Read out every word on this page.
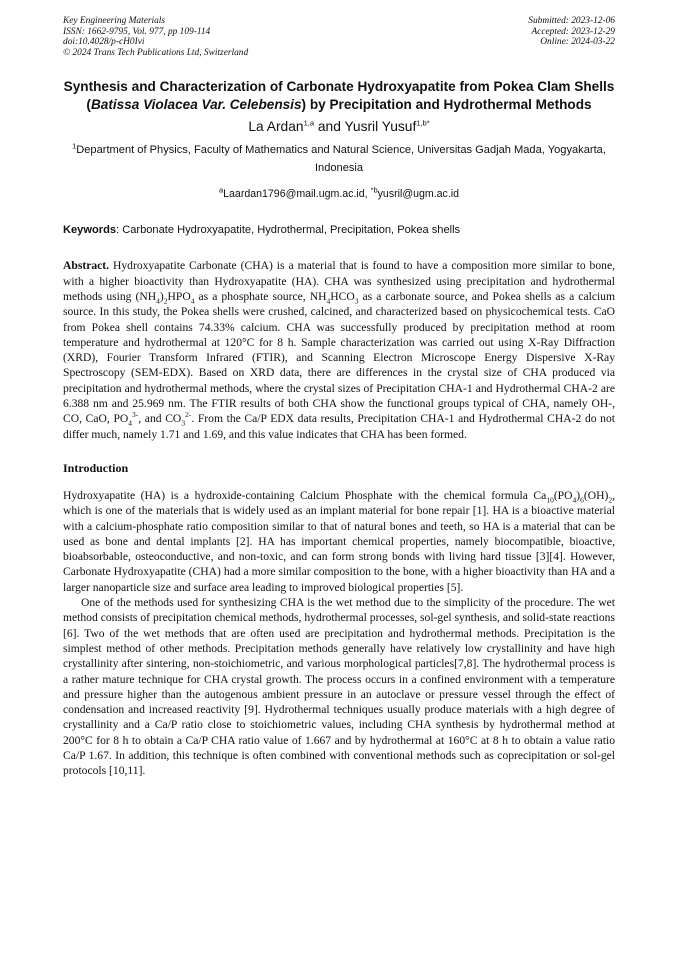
Key Engineering Materials
ISSN: 1662-9795, Vol. 977, pp 109-114
doi:10.4028/p-cH0Ivi
© 2024 Trans Tech Publications Ltd, Switzerland
Submitted: 2023-12-06
Accepted: 2023-12-29
Online: 2024-03-22
Synthesis and Characterization of Carbonate Hydroxyapatite from Pokea Clam Shells (Batissa Violacea Var. Celebensis) by Precipitation and Hydrothermal Methods
La Ardan$^{1,a}$ and Yusril Yusuf$^{1,b*}$
$^1$Department of Physics, Faculty of Mathematics and Natural Science, Universitas Gadjah Mada, Yogyakarta, Indonesia
$^a$Laardan1796@mail.ugm.ac.id, $^{*b}$yusril@ugm.ac.id
Keywords: Carbonate Hydroxyapatite, Hydrothermal, Precipitation, Pokea shells
Abstract. Hydroxyapatite Carbonate (CHA) is a material that is found to have a composition more similar to bone, with a higher bioactivity than Hydroxyapatite (HA). CHA was synthesized using precipitation and hydrothermal methods using $(NH_4)_2HPO_4$ as a phosphate source, $NH_4HCO_3$ as a carbonate source, and Pokea shells as a calcium source. In this study, the Pokea shells were crushed, calcined, and characterized based on physicochemical tests. CaO from Pokea shell contains 74.33% calcium. CHA was successfully produced by precipitation method at room temperature and hydrothermal at 120°C for 8 h. Sample characterization was carried out using X-Ray Diffraction (XRD), Fourier Transform Infrared (FTIR), and Scanning Electron Microscope Energy Dispersive X-Ray Spectroscopy (SEM-EDX). Based on XRD data, there are differences in the crystal size of CHA produced via precipitation and hydrothermal methods, where the crystal sizes of Precipitation CHA-1 and Hydrothermal CHA-2 are 6.388 nm and 25.969 nm. The FTIR results of both CHA show the functional groups typical of CHA, namely OH-, CO, CaO, $PO_4^{3-}$, and $CO_3^{2-}$. From the Ca/P EDX data results, Precipitation CHA-1 and Hydrothermal CHA-2 do not differ much, namely 1.71 and 1.69, and this value indicates that CHA has been formed.
Introduction

Hydroxyapatite (HA) is a hydroxide-containing Calcium Phosphate with the chemical formula $Ca_{10}(PO_4)_6(OH)_2$, which is one of the materials that is widely used as an implant material for bone repair [1]. HA is a bioactive material with a calcium-phosphate ratio composition similar to that of natural bones and teeth, so HA is a material that can be used as bone and dental implants [2]. HA has important chemical properties, namely biocompatible, bioactive, bioabsorbable, osteoconductive, and non-toxic, and can form strong bonds with living hard tissue [3][4]. However, Carbonate Hydroxyapatite (CHA) had a more similar composition to the bone, with a higher bioactivity than HA and a larger nanoparticle size and surface area leading to improved biological properties [5].

One of the methods used for synthesizing CHA is the wet method due to the simplicity of the procedure. The wet method consists of precipitation chemical methods, hydrothermal processes, sol-gel synthesis, and solid-state reactions [6]. Two of the wet methods that are often used are precipitation and hydrothermal methods. Precipitation is the simplest method of other methods. Precipitation methods generally have relatively low crystallinity and have high crystallinity after sintering, non-stoichiometric, and various morphological particles[7,8]. The hydrothermal process is a rather mature technique for CHA crystal growth. The process occurs in a confined environment with a temperature and pressure higher than the autogenous ambient pressure in an autoclave or pressure vessel through the effect of condensation and increased reactivity [9]. Hydrothermal techniques usually produce materials with a high degree of crystallinity and a Ca/P ratio close to stoichiometric values, including CHA synthesis by hydrothermal method at 200°C for 8 h to obtain a Ca/P CHA ratio value of 1.667 and by hydrothermal at 160°C at 8 h to obtain a value ratio Ca/P 1.67. In addition, this technique is often combined with conventional methods such as coprecipitation or sol-gel protocols [10,11].
